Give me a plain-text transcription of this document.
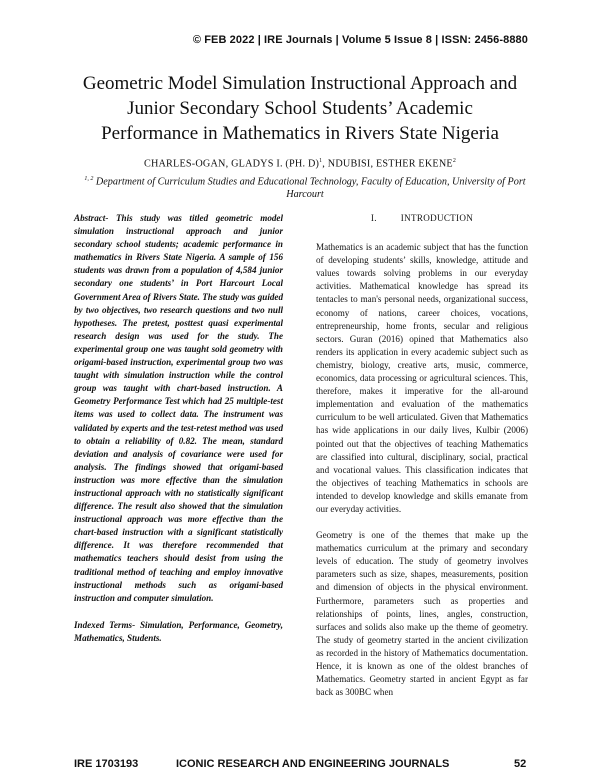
© FEB 2022 | IRE Journals | Volume 5 Issue 8 | ISSN: 2456-8880
Geometric Model Simulation Instructional Approach and
Junior Secondary School Students’ Academic
Performance in Mathematics in Rivers State Nigeria
CHARLES-OGAN, GLADYS I. (PH. D)$^1$, NDUBISI, ESTHER EKENE$^2$
$^{1, 2}$ Department of Curriculum Studies and Educational Technology, Faculty of Education, University of Port Harcourt
Abstract- This study was titled geometric model simulation instructional approach and junior secondary school students; academic performance in mathematics in Rivers State Nigeria. A sample of 156 students was drawn from a population of 4,584 junior secondary one students’ in Port Harcourt Local Government Area of Rivers State. The study was guided by two objectives, two research questions and two null hypotheses. The pretest, posttest quasi experimental research design was used for the study. The experimental group one was taught sold geometry with origami-based instruction, experimental group two was taught with simulation instruction while the control group was taught with chart-based instruction. A Geometry Performance Test which had 25 multiple-test items was used to collect data. The instrument was validated by experts and the test-retest method was used to obtain a reliability of 0.82. The mean, standard deviation and analysis of covariance were used for analysis. The findings showed that origami-based instruction was more effective than the simulation instructional approach with no statistically significant difference. The result also showed that the simulation instructional approach was more effective than the chart-based instruction with a significant statistically difference. It was therefore recommended that mathematics teachers should desist from using the traditional method of teaching and employ innovative instructional methods such as origami-based instruction and computer simulation.
Indexed Terms- Simulation, Performance, Geometry, Mathematics, Students.
I.	INTRODUCTION

Mathematics is an academic subject that has the function of developing students’ skills, knowledge, attitude and values towards solving problems in our everyday activities. Mathematical knowledge has spread its tentacles to man's personal needs, organizational success, economy of nations, career choices, vocations, entrepreneurship, home fronts, secular and religious sectors. Guran (2016) opined that Mathematics also renders its application in every academic subject such as chemistry, biology, creative arts, music, commerce, economics, data processing or agricultural sciences. This, therefore, makes it imperative for the all-around implementation and evaluation of the mathematics curriculum to be well articulated. Given that Mathematics has wide applications in our daily lives, Kulbir (2006) pointed out that the objectives of teaching Mathematics are classified into cultural, disciplinary, social, practical and vocational values. This classification indicates that the objectives of teaching Mathematics in schools are intended to develop knowledge and skills emanate from our everyday activities.

Geometry is one of the themes that make up the mathematics curriculum at the primary and secondary levels of education. The study of geometry involves parameters such as size, shapes, measurements, position and dimension of objects in the physical environment. Furthermore, parameters such as properties and relationships of points, lines, angles, construction, surfaces and solids also make up the theme of geometry. The study of geometry started in the ancient civilization as recorded in the history of Mathematics documentation. Hence, it is known as one of the oldest branches of Mathematics. Geometry started in ancient Egypt as far back as 300BC when

IRE 1703193	ICONIC RESEARCH AND ENGINEERING JOURNALS	52
